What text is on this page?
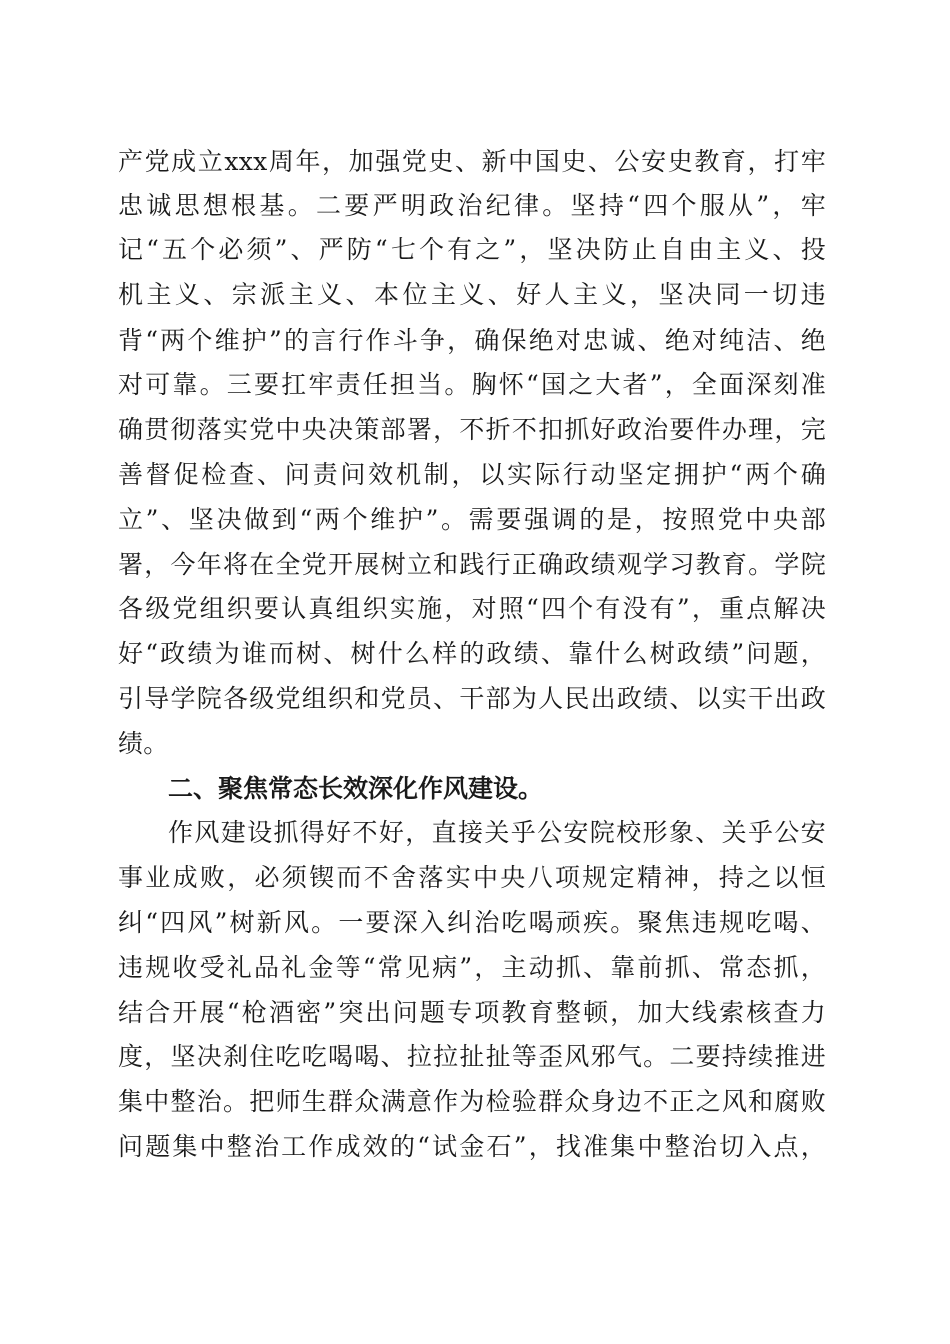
产党成立xxx周年，加强党史、新中国史、公安史教育，打牢
忠诚思想根基。二要严明政治纪律。坚持“四个服从”，牢
记“五个必须”、严防“七个有之”，坚决防止自由主义、投
机主义、宗派主义、本位主义、好人主义，坚决同一切违
背“两个维护”的言行作斗争，确保绝对忠诚、绝对纯洁、绝
对可靠。三要扛牢责任担当。胸怀“国之大者”，全面深刻准
确贯彻落实党中央决策部署，不折不扣抓好政治要件办理，完
善督促检查、问责问效机制，以实际行动坚定拥护“两个确
立”、坚决做到“两个维护”。需要强调的是，按照党中央部
署，今年将在全党开展树立和践行正确政绩观学习教育。学院
各级党组织要认真组织实施，对照“四个有没有”，重点解决
好“政绩为谁而树、树什么样的政绩、靠什么树政绩”问题，
引导学院各级党组织和党员、干部为人民出政绩、以实干出政
绩。
二、聚焦常态长效深化作风建设。
作风建设抓得好不好，直接关乎公安院校形象、关乎公安
事业成败，必须锲而不舍落实中央八项规定精神，持之以恒
纠“四风”树新风。一要深入纠治吃喝顽疾。聚焦违规吃喝、
违规收受礼品礼金等“常见病”，主动抓、靠前抓、常态抓，
结合开展“枪酒密”突出问题专项教育整顿，加大线索核查力
度，坚决刹住吃吃喝喝、拉拉扯扯等歪风邪气。二要持续推进
集中整治。把师生群众满意作为检验群众身边不正之风和腐败
问题集中整治工作成效的“试金石”，找准集中整治切入点，
